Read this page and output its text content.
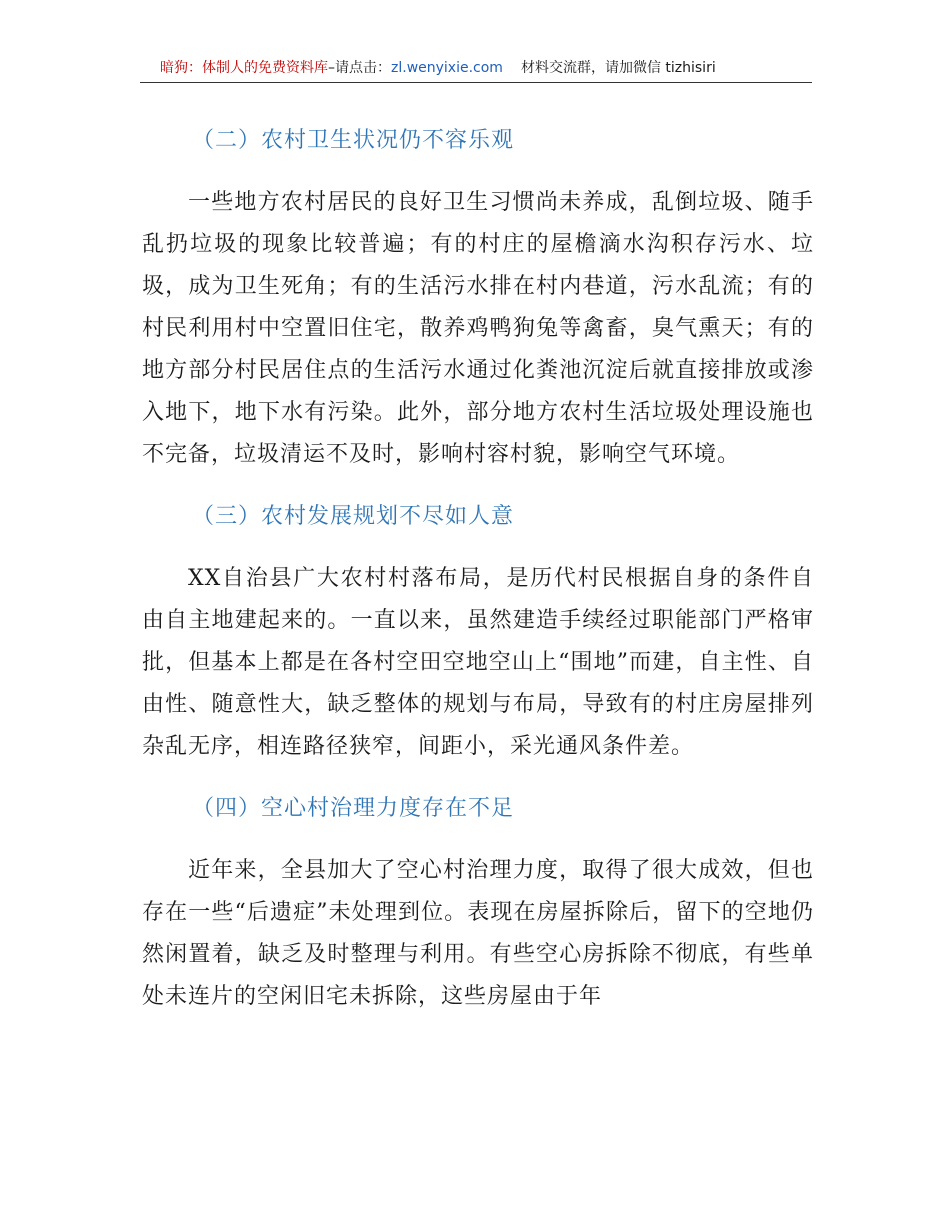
暗狗：体制人的免费资料库–请点击：zl.wenyixie.com 材料交流群，请加微信 tizhisiri
（二）农村卫生状况仍不容乐观

一些地方农村居民的良好卫生习惯尚未养成，乱倒垃圾、随手乱扔垃圾的现象比较普遍；有的村庄的屋檐滴水沟积存污水、垃圾，成为卫生死角；有的生活污水排在村内巷道，污水乱流；有的村民利用村中空置旧住宅，散养鸡鸭狗兔等禽畜，臭气熏天；有的地方部分村民居住点的生活污水通过化粪池沉淀后就直接排放或渗入地下，地下水有污染。此外，部分地方农村生活垃圾处理设施也不完备，垃圾清运不及时，影响村容村貌，影响空气环境。

（三）农村发展规划不尽如人意

XX自治县广大农村村落布局，是历代村民根据自身的条件自由自主地建起来的。一直以来，虽然建造手续经过职能部门严格审批，但基本上都是在各村空田空地空山上“围地”而建，自主性、自由性、随意性大，缺乏整体的规划与布局，导致有的村庄房屋排列杂乱无序，相连路径狭窄，间距小，采光通风条件差。

（四）空心村治理力度存在不足

近年来，全县加大了空心村治理力度，取得了很大成效，但也存在一些“后遗症”未处理到位。表现在房屋拆除后，留下的空地仍然闲置着，缺乏及时整理与利用。有些空心房拆除不彻底，有些单处未连片的空闲旧宅未拆除，这些房屋由于年
